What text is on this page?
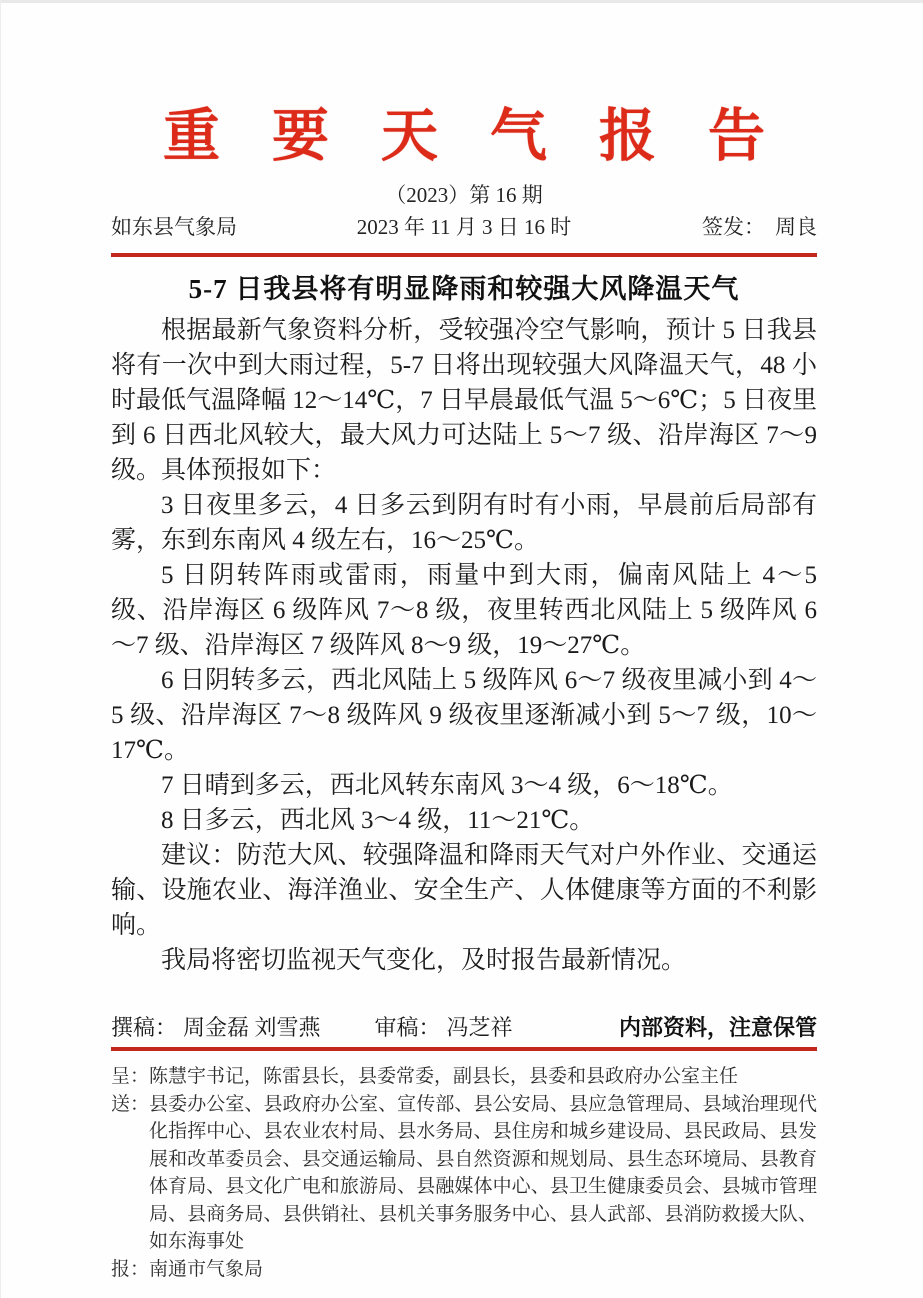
重要天气报告
（2023）第 16 期
如东县气象局	2023 年 11 月 3 日 16 时	签发： 周良
5-7 日我县将有明显降雨和较强大风降温天气

根据最新气象资料分析，受较强冷空气影响，预计 5 日我县将有一次中到大雨过程，5-7 日将出现较强大风降温天气，48 小时最低气温降幅 12～14℃，7 日早晨最低气温 5～6℃；5 日夜里到 6 日西北风较大，最大风力可达陆上 5～7 级、沿岸海区 7～9 级。具体预报如下：

3 日夜里多云，4 日多云到阴有时有小雨，早晨前后局部有雾，东到东南风 4 级左右，16～25℃。

5 日阴转阵雨或雷雨，雨量中到大雨，偏南风陆上 4～5 级、沿岸海区 6 级阵风 7～8 级，夜里转西北风陆上 5 级阵风 6～7 级、沿岸海区 7 级阵风 8～9 级，19～27℃。

6 日阴转多云，西北风陆上 5 级阵风 6～7 级夜里减小到 4～5 级、沿岸海区 7～8 级阵风 9 级夜里逐渐减小到 5～7 级，10～17℃。

7 日晴到多云，西北风转东南风 3～4 级，6～18℃。

8 日多云，西北风 3～4 级，11～21℃。

建议：防范大风、较强降温和降雨天气对户外作业、交通运输、设施农业、海洋渔业、安全生产、人体健康等方面的不利影响。

我局将密切监视天气变化，及时报告最新情况。

撰稿： 周金磊 刘雪燕	审稿： 冯芝祥	内部资料，注意保管
呈： 陈慧宇书记，陈雷县长，县委常委，副县长，县委和县政府办公室主任
送： 县委办公室、县政府办公室、宣传部、县公安局、县应急管理局、县域治理现代化指挥中心、县农业农村局、县水务局、县住房和城乡建设局、县民政局、县发展和改革委员会、县交通运输局、县自然资源和规划局、县生态环境局、县教育体育局、县文化广电和旅游局、县融媒体中心、县卫生健康委员会、县城市管理局、县商务局、县供销社、县机关事务服务中心、县人武部、县消防救援大队、如东海事处
报： 南通市气象局
